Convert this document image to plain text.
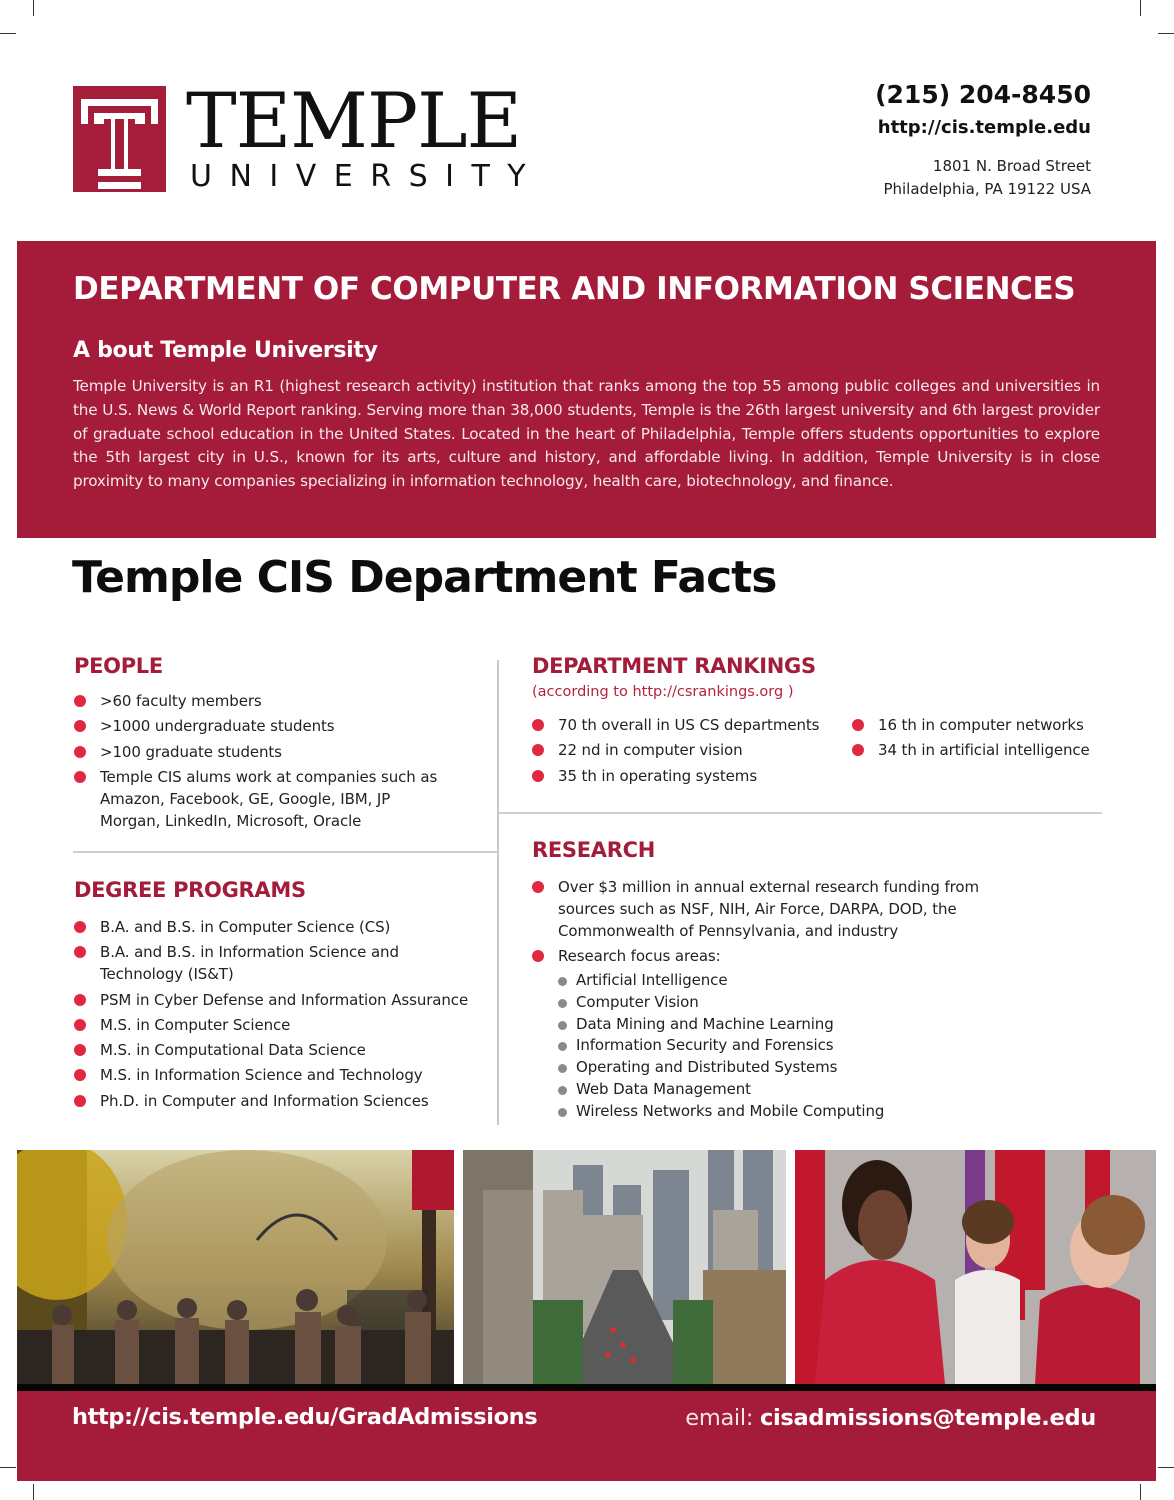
TEMPLE
UNIVERSITY
(215) 204-8450
http://cis.temple.edu
1801 N. Broad Street
Philadelphia, PA 19122 USA
DEPARTMENT OF COMPUTER AND INFORMATION SCIENCES
A bout Temple University
Temple University is an R1 (highest research activity) institution that ranks among the top 55 among public colleges and universities in the U.S. News & World Report ranking. Serving more than 38,000 students, Temple is the 26th largest university and 6th largest provider of graduate school education in the United States. Located in the heart of Philadelphia, Temple offers students opportunities to explore the 5th largest city in U.S., known for its arts, culture and history, and affordable living. In addition, Temple University is in close proximity to many companies specializing in information technology, health care, biotechnology, and finance.
Temple CIS Department Facts
PEOPLE
>60 faculty members
>1000 undergraduate students
>100 graduate students
Temple CIS alums work at companies such as Amazon, Facebook, GE, Google, IBM, JP Morgan, LinkedIn, Microsoft, Oracle
DEGREE PROGRAMS
B.A. and B.S. in Computer Science (CS)
B.A. and B.S. in Information Science and Technology (IS&T)
PSM in Cyber Defense and Information Assurance
M.S. in Computer Science
M.S. in Computational Data Science
M.S. in Information Science and Technology
Ph.D. in Computer and Information Sciences
DEPARTMENT RANKINGS
(according to http://csrankings.org )
70 th overall in US CS departments
22 nd in computer vision
35 th in operating systems
16 th in computer networks
34 th in artificial intelligence
RESEARCH
Over $3 million in annual external research funding from sources such as NSF, NIH, Air Force, DARPA, DOD, the Commonwealth of Pennsylvania, and industry
Research focus areas:
Artificial Intelligence
Computer Vision
Data Mining and Machine Learning
Information Security and Forensics
Operating and Distributed Systems
Web Data Management
Wireless Networks and Mobile Computing
http://cis.temple.edu/GradAdmissions	email: cisadmissions@temple.edu
